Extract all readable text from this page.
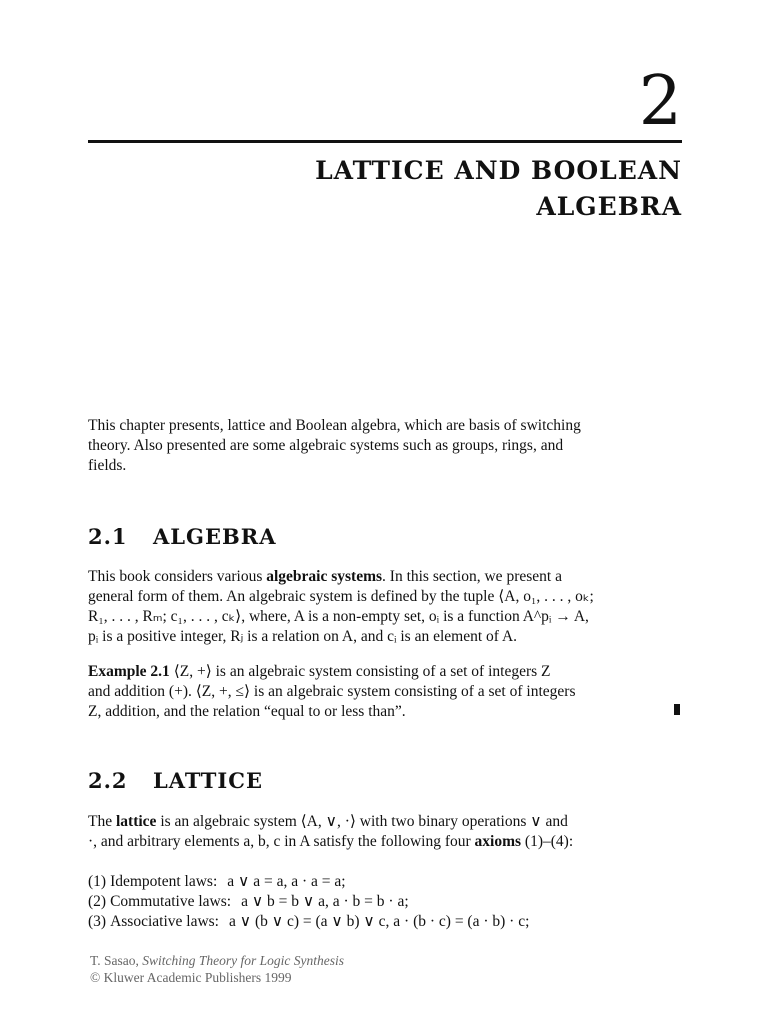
2
LATTICE AND BOOLEAN
ALGEBRA
This chapter presents, lattice and Boolean algebra, which are basis of switching
theory. Also presented are some algebraic systems such as groups, rings, and
fields.
2.1 ALGEBRA
This book considers various algebraic systems. In this section, we present a
general form of them. An algebraic system is defined by the tuple ⟨A, o₁, . . . , oₖ;
R₁, . . . , Rₘ; c₁, . . . , cₖ⟩, where, A is a non-empty set, oᵢ is a function A^pᵢ → A,
pᵢ is a positive integer, Rⱼ is a relation on A, and cᵢ is an element of A.
Example 2.1 ⟨Z, +⟩ is an algebraic system consisting of a set of integers Z
and addition (+). ⟨Z, +, ≤⟩ is an algebraic system consisting of a set of integers
Z, addition, and the relation “equal to or less than”.
2.2 LATTICE
The lattice is an algebraic system ⟨A, ∨, ·⟩ with two binary operations ∨ and
·, and arbitrary elements a, b, c in A satisfy the following four axioms (1)–(4):
(1) Idempotent laws: a ∨ a = a, a · a = a;
(2) Commutative laws: a ∨ b = b ∨ a, a · b = b · a;
(3) Associative laws: a ∨ (b ∨ c) = (a ∨ b) ∨ c, a · (b · c) = (a · b) · c;
T. Sasao, Switching Theory for Logic Synthesis
© Kluwer Academic Publishers 1999
